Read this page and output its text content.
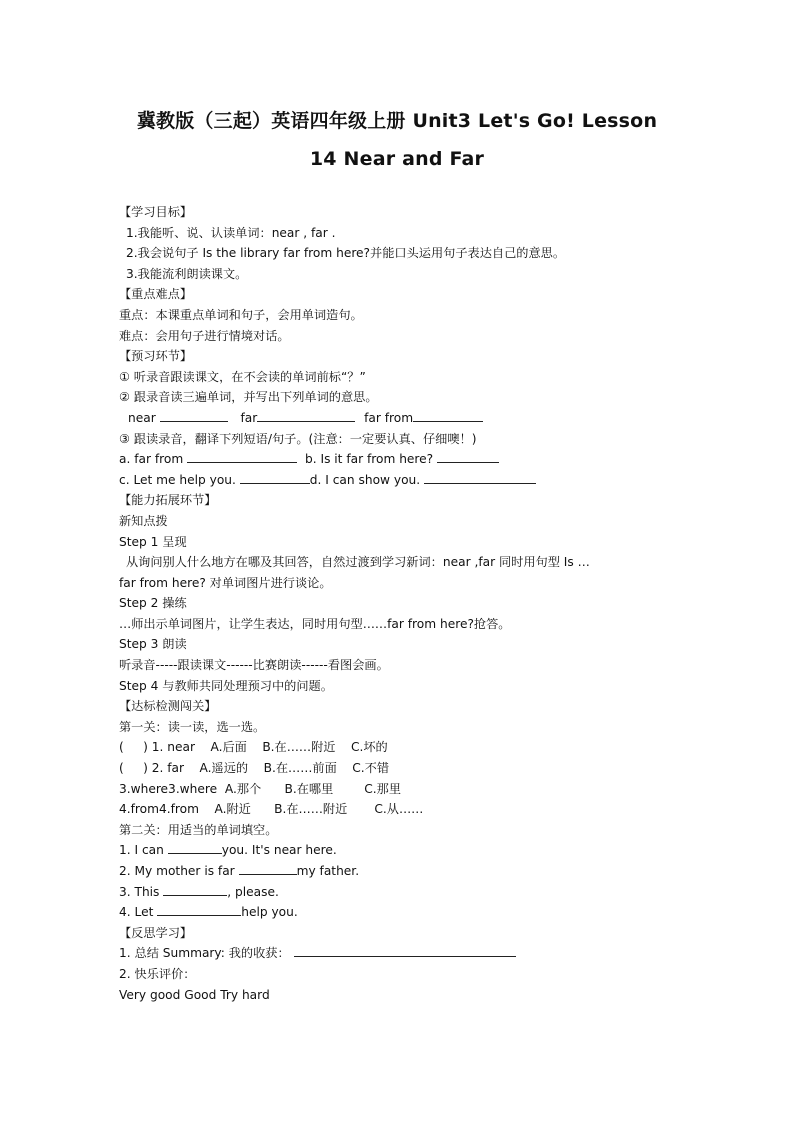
冀教版（三起）英语四年级上册 Unit3 Let's Go! Lesson
14 Near and Far
【学习目标】
1.我能听、说、认读单词：near , far .
2.我会说句子 Is the library far from here?并能口头运用句子表达自己的意思。
3.我能流利朗读课文。
【重点难点】
重点：本课重点单词和句子，会用单词造句。
难点：会用句子进行情境对话。
【预习环节】
① 听录音跟读课文，在不会读的单词前标“？”
② 跟录音读三遍单词，并写出下列单词的意思。
near	far	far from
③ 跟读录音，翻译下列短语/句子。(注意：一定要认真、仔细噢！)
a. far from	b. Is it far from here?
c. Let me help you.	d. I can show you.
【能力拓展环节】
新知点拨
Step 1 呈现
从询问别人什么地方在哪及其回答，自然过渡到学习新词：near ,far 同时用句型 Is …
far from here? 对单词图片进行谈论。
Step 2 操练
…师出示单词图片，让学生表达，同时用句型……far from here?抢答。
Step 3 朗读
听录音-----跟读课文------比赛朗读------看图会画。
Step 4 与教师共同处理预习中的问题。
【达标检测闯关】
第一关：读一读，选一选。
(     ) 1. near    A.后面    B.在……附近    C.坏的
(     ) 2. far    A.遥远的    B.在……前面    C.不错
3.where3.where  A.那个      B.在哪里        C.那里
4.from4.from    A.附近      B.在……附近       C.从……
第二关：用适当的单词填空。
1. I can	you. It's near here.
2. My mother is far	my father.
3. This	, please.
4. Let	help you.
【反思学习】
1. 总结 Summary: 我的收获：
2. 快乐评价：
Very good Good Try hard
